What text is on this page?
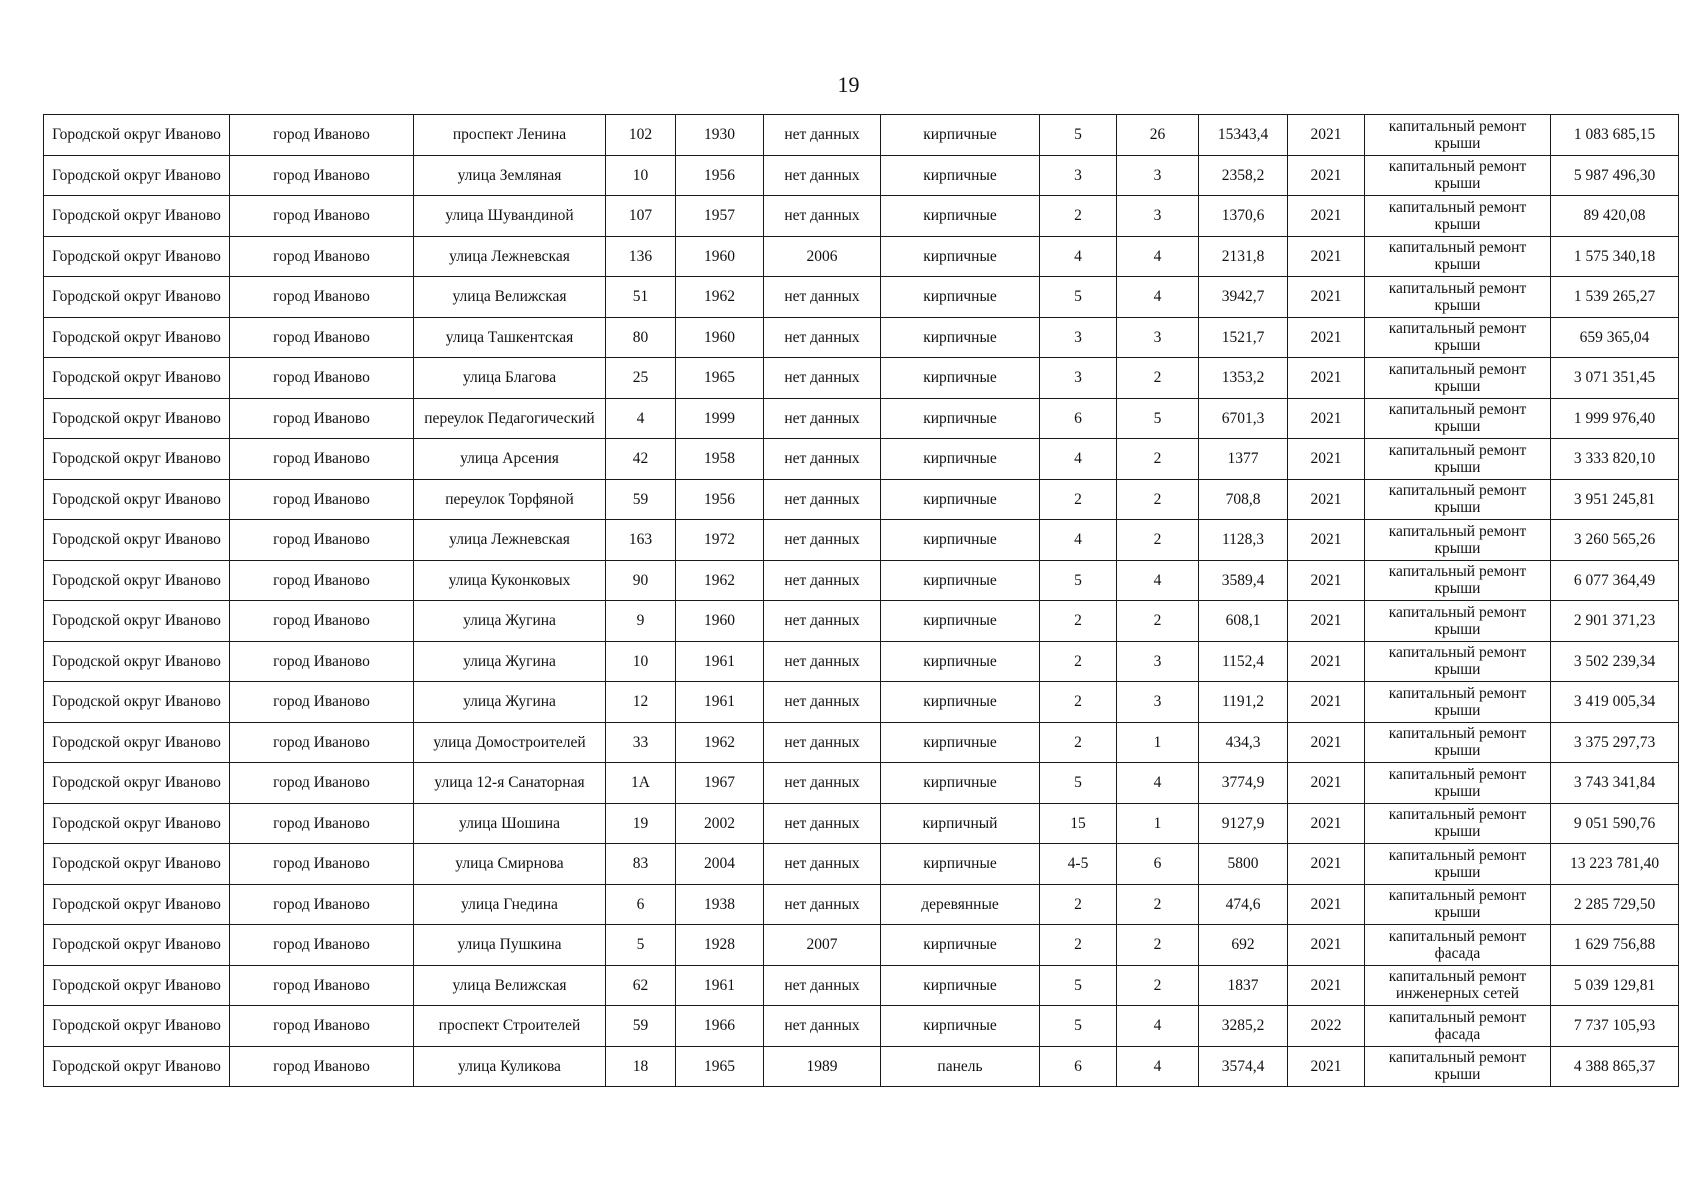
19
Городской округ Иваново	город Иваново	проспект Ленина	102	1930	нет данных	кирпичные	5	26	15343,4	2021	капитальный ремонт крыши	1 083 685,15
Городской округ Иваново	город Иваново	улица Земляная	10	1956	нет данных	кирпичные	3	3	2358,2	2021	капитальный ремонт крыши	5 987 496,30
Городской округ Иваново	город Иваново	улица Шувандиной	107	1957	нет данных	кирпичные	2	3	1370,6	2021	капитальный ремонт крыши	89 420,08
Городской округ Иваново	город Иваново	улица Лежневская	136	1960	2006	кирпичные	4	4	2131,8	2021	капитальный ремонт крыши	1 575 340,18
Городской округ Иваново	город Иваново	улица Велижская	51	1962	нет данных	кирпичные	5	4	3942,7	2021	капитальный ремонт крыши	1 539 265,27
Городской округ Иваново	город Иваново	улица Ташкентская	80	1960	нет данных	кирпичные	3	3	1521,7	2021	капитальный ремонт крыши	659 365,04
Городской округ Иваново	город Иваново	улица Благова	25	1965	нет данных	кирпичные	3	2	1353,2	2021	капитальный ремонт крыши	3 071 351,45
Городской округ Иваново	город Иваново	переулок Педагогический	4	1999	нет данных	кирпичные	6	5	6701,3	2021	капитальный ремонт крыши	1 999 976,40
Городской округ Иваново	город Иваново	улица Арсения	42	1958	нет данных	кирпичные	4	2	1377	2021	капитальный ремонт крыши	3 333 820,10
Городской округ Иваново	город Иваново	переулок Торфяной	59	1956	нет данных	кирпичные	2	2	708,8	2021	капитальный ремонт крыши	3 951 245,81
Городской округ Иваново	город Иваново	улица Лежневская	163	1972	нет данных	кирпичные	4	2	1128,3	2021	капитальный ремонт крыши	3 260 565,26
Городской округ Иваново	город Иваново	улица Куконковых	90	1962	нет данных	кирпичные	5	4	3589,4	2021	капитальный ремонт крыши	6 077 364,49
Городской округ Иваново	город Иваново	улица Жугина	9	1960	нет данных	кирпичные	2	2	608,1	2021	капитальный ремонт крыши	2 901 371,23
Городской округ Иваново	город Иваново	улица Жугина	10	1961	нет данных	кирпичные	2	3	1152,4	2021	капитальный ремонт крыши	3 502 239,34
Городской округ Иваново	город Иваново	улица Жугина	12	1961	нет данных	кирпичные	2	3	1191,2	2021	капитальный ремонт крыши	3 419 005,34
Городской округ Иваново	город Иваново	улица Домостроителей	33	1962	нет данных	кирпичные	2	1	434,3	2021	капитальный ремонт крыши	3 375 297,73
Городской округ Иваново	город Иваново	улица 12-я Санаторная	1А	1967	нет данных	кирпичные	5	4	3774,9	2021	капитальный ремонт крыши	3 743 341,84
Городской округ Иваново	город Иваново	улица Шошина	19	2002	нет данных	кирпичный	15	1	9127,9	2021	капитальный ремонт крыши	9 051 590,76
Городской округ Иваново	город Иваново	улица Смирнова	83	2004	нет данных	кирпичные	4-5	6	5800	2021	капитальный ремонт крыши	13 223 781,40
Городской округ Иваново	город Иваново	улица Гнедина	6	1938	нет данных	деревянные	2	2	474,6	2021	капитальный ремонт крыши	2 285 729,50
Городской округ Иваново	город Иваново	улица Пушкина	5	1928	2007	кирпичные	2	2	692	2021	капитальный ремонт фасада	1 629 756,88
Городской округ Иваново	город Иваново	улица Велижская	62	1961	нет данных	кирпичные	5	2	1837	2021	капитальный ремонт инженерных сетей	5 039 129,81
Городской округ Иваново	город Иваново	проспект Строителей	59	1966	нет данных	кирпичные	5	4	3285,2	2022	капитальный ремонт фасада	7 737 105,93
Городской округ Иваново	город Иваново	улица Куликова	18	1965	1989	панель	6	4	3574,4	2021	капитальный ремонт крыши	4 388 865,37
